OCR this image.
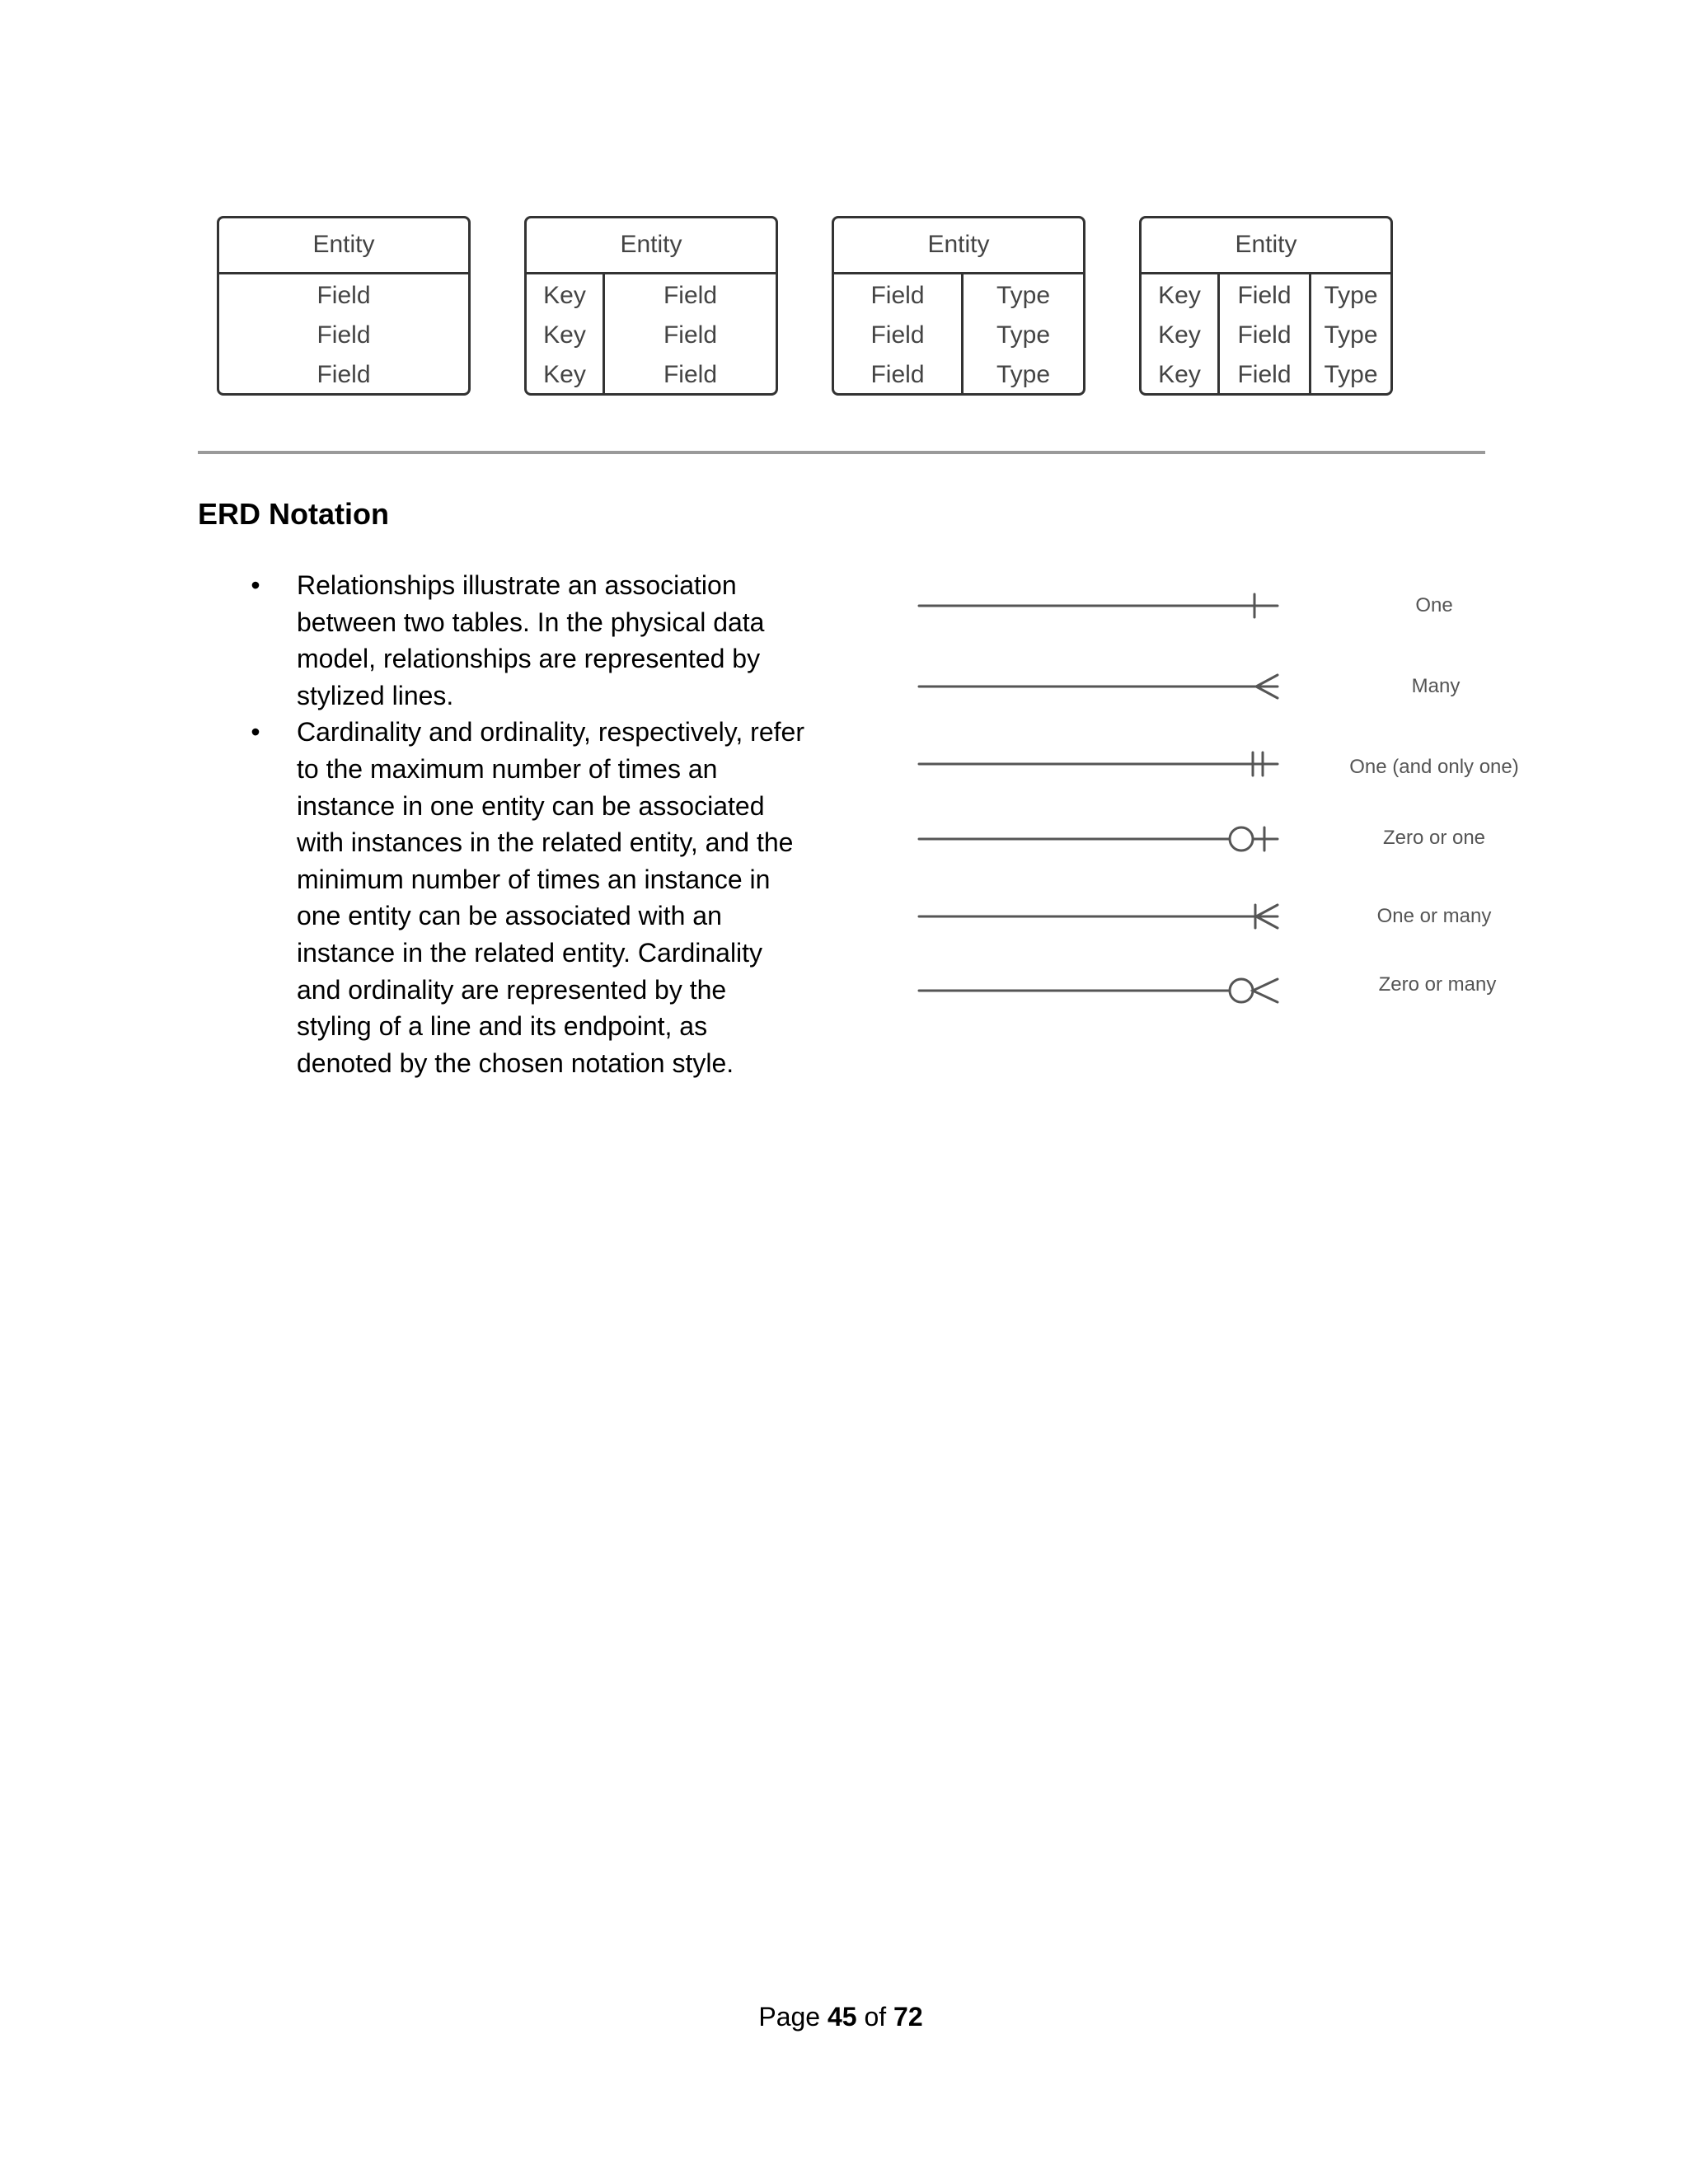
Entity
Field
Field
Field
Entity
Key
Key
Key
Field
Field
Field
Entity
Field
Field
Field
Type
Type
Type
Entity
Key
Key
Key
Field
Field
Field
Type
Type
Type
ERD Notation
• Relationships illustrate an association between two tables. In the physical data model, relationships are represented by stylized lines.
• Cardinality and ordinality, respectively, refer to the maximum number of times an instance in one entity can be associated with instances in the related entity, and the minimum number of times an instance in one entity can be associated with an instance in the related entity. Cardinality and ordinality are represented by the styling of a line and its endpoint, as denoted by the chosen notation style.
One
Many
One (and only one)
Zero or one
One or many
Zero or many
Page 45 of 72
